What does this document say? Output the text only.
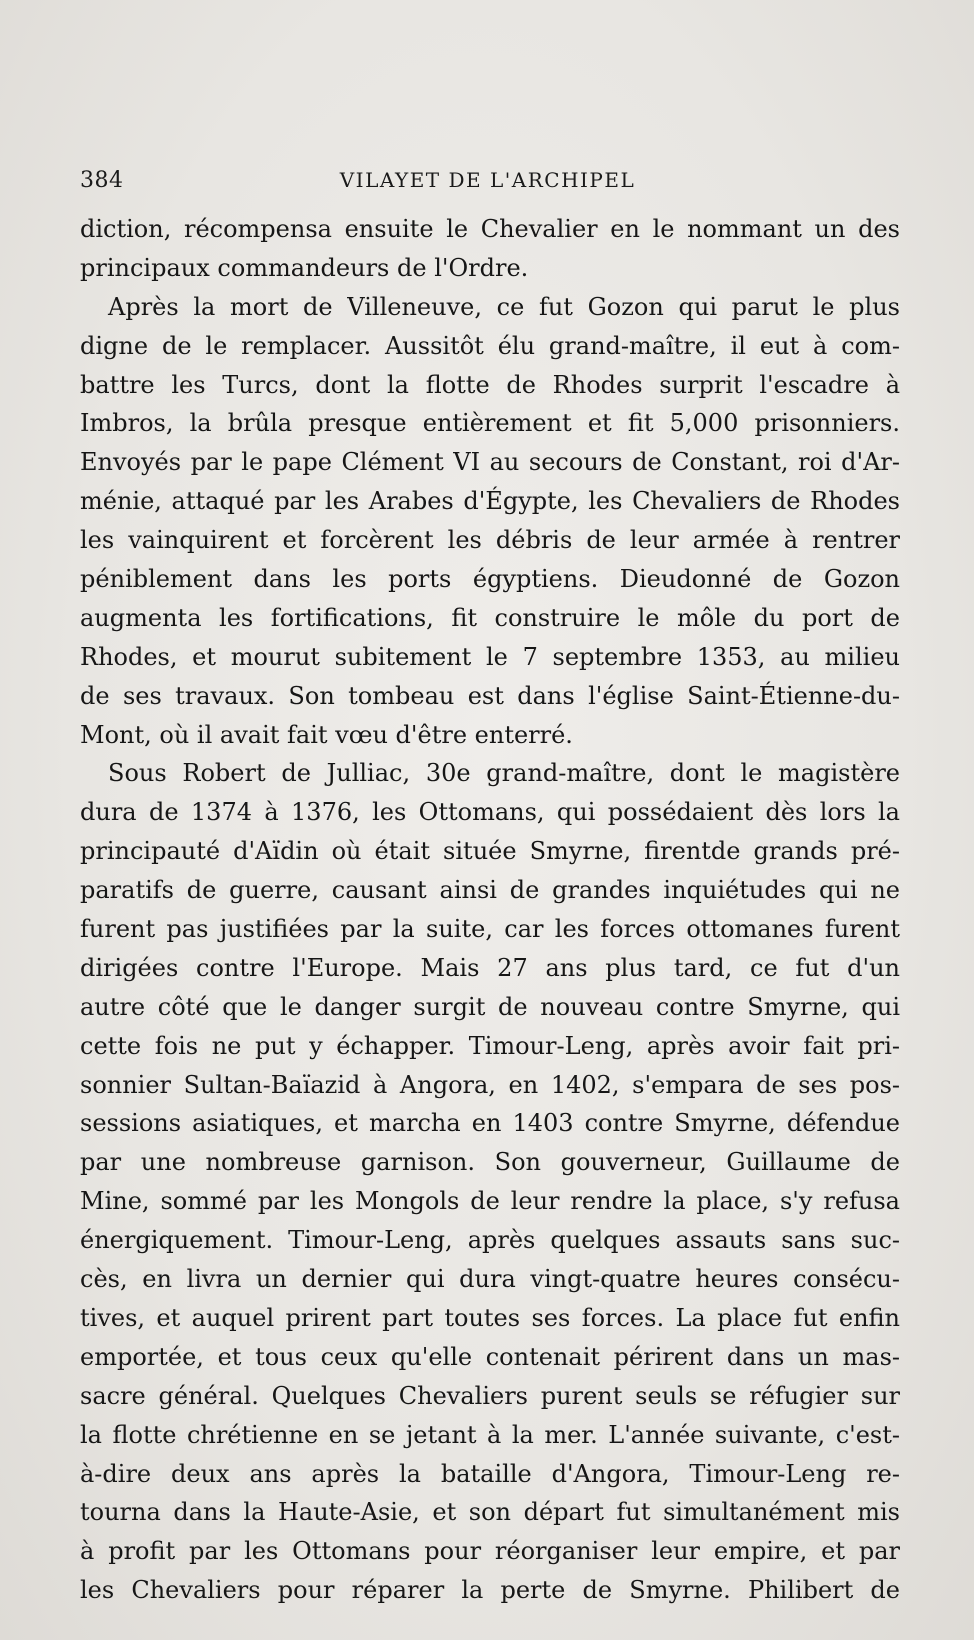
384	VILAYET DE L'ARCHIPEL
diction, récompensa ensuite le Chevalier en le nommant un des
principaux commandeurs de l'Ordre.
Après la mort de Villeneuve, ce fut Gozon qui parut le plus
digne de le remplacer. Aussitôt élu grand-maître, il eut à com-
battre les Turcs, dont la flotte de Rhodes surprit l'escadre à
Imbros, la brûla presque entièrement et fit 5,000 prisonniers.
Envoyés par le pape Clément VI au secours de Constant, roi d'Ar-
ménie, attaqué par les Arabes d'Égypte, les Chevaliers de Rhodes
les vainquirent et forcèrent les débris de leur armée à rentrer
péniblement dans les ports égyptiens. Dieudonné de Gozon
augmenta les fortifications, fit construire le môle du port de
Rhodes, et mourut subitement le 7 septembre 1353, au milieu
de ses travaux. Son tombeau est dans l'église Saint-Étienne-du-
Mont, où il avait fait vœu d'être enterré.
Sous Robert de Julliac, 30e grand-maître, dont le magistère
dura de 1374 à 1376, les Ottomans, qui possédaient dès lors la
principauté d'Aïdin où était située Smyrne, firentde grands pré-
paratifs de guerre, causant ainsi de grandes inquiétudes qui ne
furent pas justifiées par la suite, car les forces ottomanes furent
dirigées contre l'Europe. Mais 27 ans plus tard, ce fut d'un
autre côté que le danger surgit de nouveau contre Smyrne, qui
cette fois ne put y échapper. Timour-Leng, après avoir fait pri-
sonnier Sultan-Baïazid à Angora, en 1402, s'empara de ses pos-
sessions asiatiques, et marcha en 1403 contre Smyrne, défendue
par une nombreuse garnison. Son gouverneur, Guillaume de
Mine, sommé par les Mongols de leur rendre la place, s'y refusa
énergiquement. Timour-Leng, après quelques assauts sans suc-
cès, en livra un dernier qui dura vingt-quatre heures consécu-
tives, et auquel prirent part toutes ses forces. La place fut enfin
emportée, et tous ceux qu'elle contenait périrent dans un mas-
sacre général. Quelques Chevaliers purent seuls se réfugier sur
la flotte chrétienne en se jetant à la mer. L'année suivante, c'est-
à-dire deux ans après la bataille d'Angora, Timour-Leng re-
tourna dans la Haute-Asie, et son départ fut simultanément mis
à profit par les Ottomans pour réorganiser leur empire, et par
les Chevaliers pour réparer la perte de Smyrne. Philibert de
